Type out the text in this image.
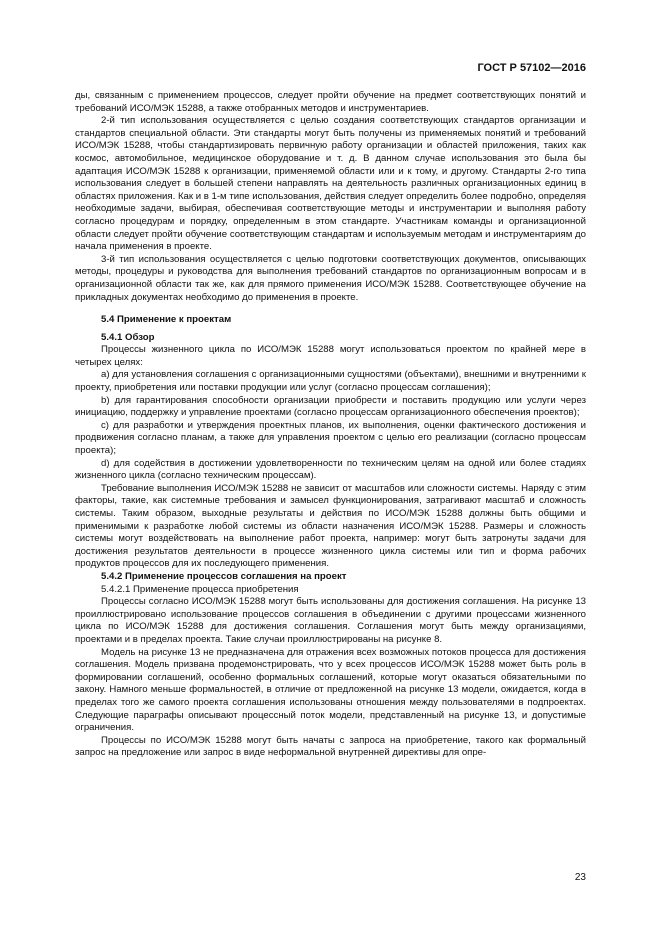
ГОСТ Р 57102—2016

ды, связанным с применением процессов, следует пройти обучение на предмет соответствующих понятий и требований ИСО/МЭК 15288, а также отобранных методов и инструментариев.

2-й тип использования осуществляется с целью создания соответствующих стандартов организации и стандартов специальной области. Эти стандарты могут быть получены из применяемых понятий и требований ИСО/МЭК 15288, чтобы стандартизировать первичную работу организации и областей приложения, таких как космос, автомобильное, медицинское оборудование и т. д. В данном случае использования это была бы адаптация ИСО/МЭК 15288 к организации, применяемой области или и к тому, и другому. Стандарты 2-го типа использования следует в большей степени направлять на деятельность различных организационных единиц в областях приложения. Как и в 1-м типе использования, действия следует определить более подробно, определяя необходимые задачи, выбирая, обеспечивая соответствующие методы и инструментарии и выполняя работу согласно процедурам и порядку, определенным в этом стандарте. Участникам команды и организационной области следует пройти обучение соответствующим стандартам и используемым методам и инструментариям до начала применения в проекте.

3-й тип использования осуществляется с целью подготовки соответствующих документов, описывающих методы, процедуры и руководства для выполнения требований стандартов по организационным вопросам и в организационной области так же, как для прямого применения ИСО/МЭК 15288. Соответствующее обучение на прикладных документах необходимо до применения в проекте.

5.4 Применение к проектам
5.4.1 Обзор

Процессы жизненного цикла по ИСО/МЭК 15288 могут использоваться проектом по крайней мере в четырех целях:

a) для установления соглашения с организационными сущностями (объектами), внешними и внутренними к проекту, приобретения или поставки продукции или услуг (согласно процессам соглашения);

b) для гарантирования способности организации приобрести и поставить продукцию или услуги через инициацию, поддержку и управление проектами (согласно процессам организационного обеспечения проектов);

c) для разработки и утверждения проектных планов, их выполнения, оценки фактического достижения и продвижения согласно планам, а также для управления проектом с целью его реализации (согласно процессам проекта);

d) для содействия в достижении удовлетворенности по техническим целям на одной или более стадиях жизненного цикла (согласно техническим процессам).

Требование выполнения ИСО/МЭК 15288 не зависит от масштабов или сложности системы. Наряду с этим факторы, такие, как системные требования и замысел функционирования, затрагивают масштаб и сложность системы. Таким образом, выходные результаты и действия по ИСО/МЭК 15288 должны быть общими и применимыми к разработке любой системы из области назначения ИСО/МЭК 15288. Размеры и сложность системы могут воздействовать на выполнение работ проекта, например: могут быть затронуты задачи для достижения результатов деятельности в процессе жизненного цикла системы или тип и форма рабочих продуктов процессов для их последующего применения.

5.4.2 Применение процессов соглашения на проект

5.4.2.1 Применение процесса приобретения

Процессы согласно ИСО/МЭК 15288 могут быть использованы для достижения соглашения. На рисунке 13 проиллюстрировано использование процессов соглашения в объединении с другими процессами жизненного цикла по ИСО/МЭК 15288 для достижения соглашения. Соглашения могут быть между организациями, проектами и в пределах проекта. Такие случаи проиллюстрированы на рисунке 8.

Модель на рисунке 13 не предназначена для отражения всех возможных потоков процесса для достижения соглашения. Модель призвана продемонстрировать, что у всех процессов ИСО/МЭК 15288 может быть роль в формировании соглашений, особенно формальных соглашений, которые могут оказаться обязательными по закону. Намного меньше формальностей, в отличие от предложенной на рисунке 13 модели, ожидается, когда в пределах того же самого проекта соглашения использованы отношения между пользователями в подпроектах. Следующие параграфы описывают процессный поток модели, представленный на рисунке 13, и допустимые ограничения.

Процессы по ИСО/МЭК 15288 могут быть начаты с запроса на приобретение, такого как формальный запрос на предложение или запрос в виде неформальной внутренней директивы для опре-

23
